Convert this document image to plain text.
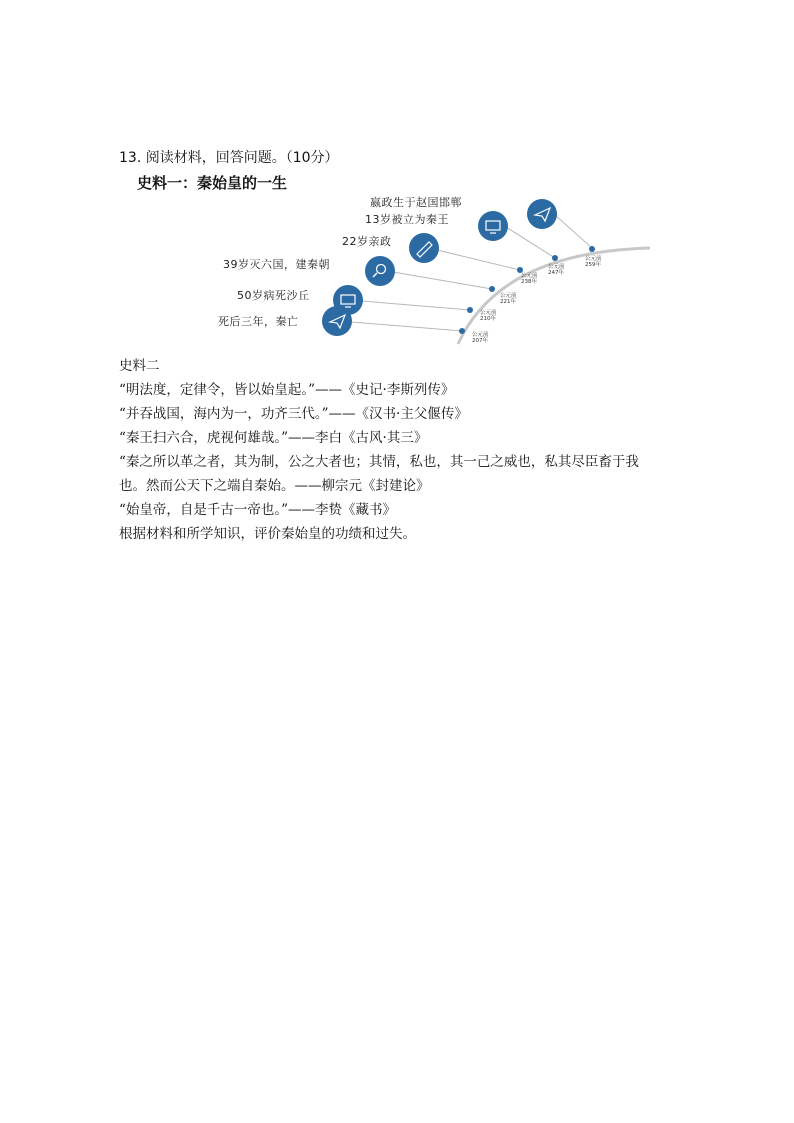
13. 阅读材料，回答问题。（10分）
史料一：秦始皇的一生
嬴政生于赵国邯郸
公元前
259年
13岁被立为秦王
公元前
247年
22岁亲政
公元前
238年
39岁灭六国，建秦朝
公元前
221年
50岁病死沙丘
公元前
210年
死后三年，秦亡
公元前
207年
史料二
“明法度，定律令，皆以始皇起。”——《史记·李斯列传》
“并吞战国，海内为一，功齐三代。”——《汉书·主父偃传》
“秦王扫六合，虎视何雄哉。”——李白《古风·其三》
“秦之所以革之者，其为制，公之大者也；其情，私也，其一己之威也，私其尽臣畜于我
也。然而公天下之端自秦始。——柳宗元《封建论》
“始皇帝，自是千古一帝也。”——李贽《藏书》
根据材料和所学知识，评价秦始皇的功绩和过失。
